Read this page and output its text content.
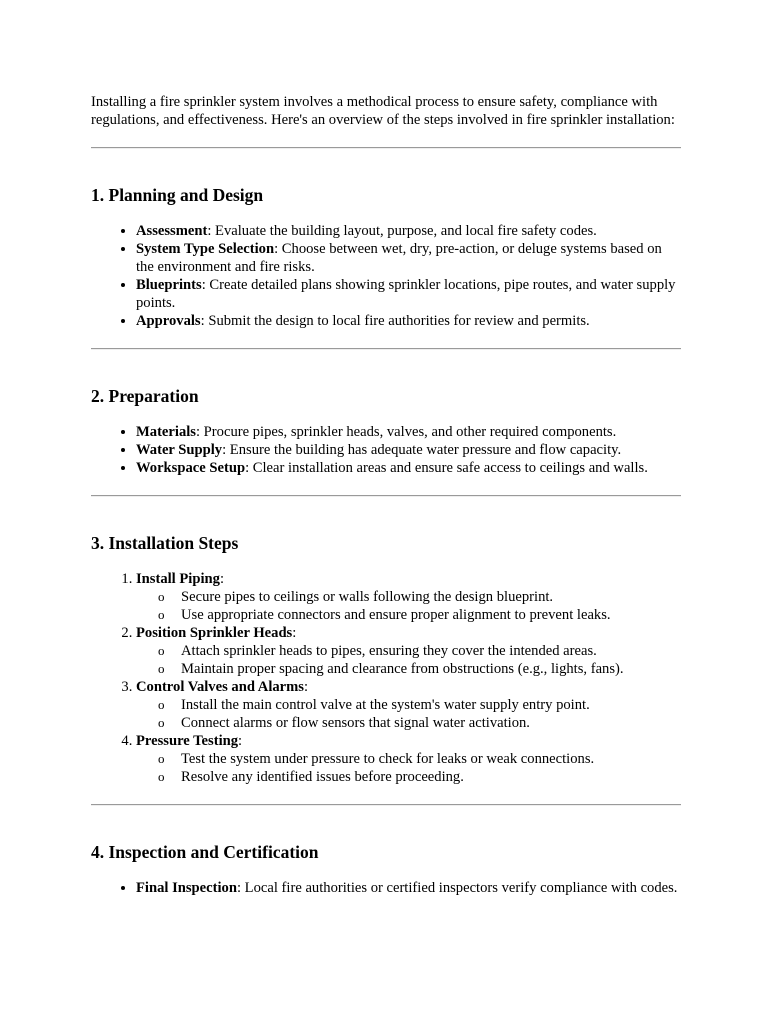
Installing a fire sprinkler system involves a methodical process to ensure safety, compliance with regulations, and effectiveness. Here's an overview of the steps involved in fire sprinkler installation:

1. Planning and Design
• Assessment: Evaluate the building layout, purpose, and local fire safety codes.
• System Type Selection: Choose between wet, dry, pre-action, or deluge systems based on the environment and fire risks.
• Blueprints: Create detailed plans showing sprinkler locations, pipe routes, and water supply points.
• Approvals: Submit the design to local fire authorities for review and permits.
2. Preparation
• Materials: Procure pipes, sprinkler heads, valves, and other required components.
• Water Supply: Ensure the building has adequate water pressure and flow capacity.
• Workspace Setup: Clear installation areas and ensure safe access to ceilings and walls.
3. Installation Steps
1. Install Piping:
o Secure pipes to ceilings or walls following the design blueprint.
o Use appropriate connectors and ensure proper alignment to prevent leaks.
2. Position Sprinkler Heads:
o Attach sprinkler heads to pipes, ensuring they cover the intended areas.
o Maintain proper spacing and clearance from obstructions (e.g., lights, fans).
3. Control Valves and Alarms:
o Install the main control valve at the system's water supply entry point.
o Connect alarms or flow sensors that signal water activation.
4. Pressure Testing:
o Test the system under pressure to check for leaks or weak connections.
o Resolve any identified issues before proceeding.
4. Inspection and Certification
• Final Inspection: Local fire authorities or certified inspectors verify compliance with codes.
